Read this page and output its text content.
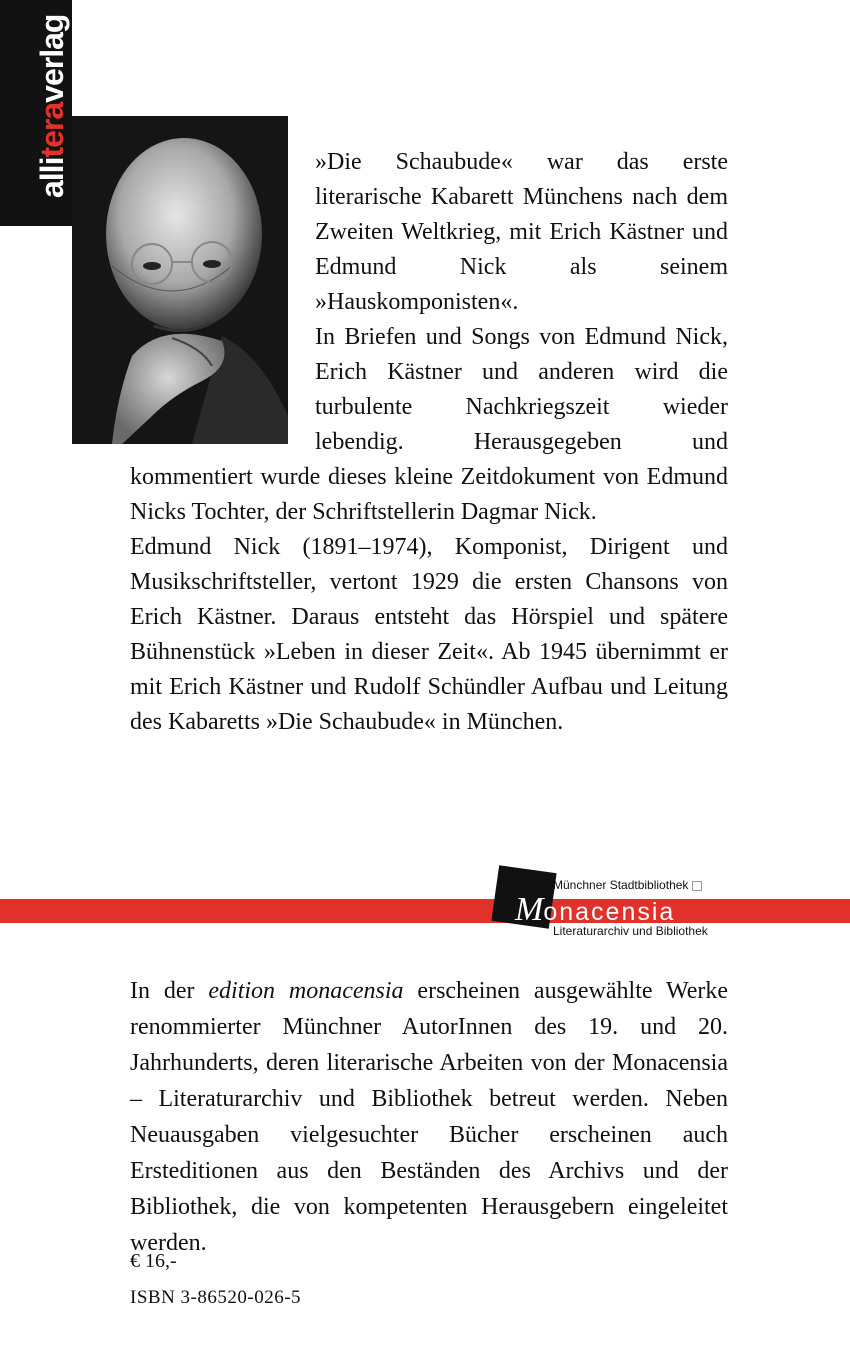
alliteraverlag

»Die Schaubude« war das erste literarische Kabarett Münchens nach dem Zweiten Weltkrieg, mit Erich Kästner und Edmund Nick als seinem »Hauskomponisten«.

In Briefen und Songs von Edmund Nick, Erich Kästner und anderen wird die turbulente Nachkriegszeit wieder lebendig. Herausgegeben und kommentiert wurde dieses kleine Zeitdokument von Edmund Nicks Tochter, der Schriftstellerin Dagmar Nick.

Edmund Nick (1891–1974), Komponist, Dirigent und Musikschriftsteller, vertont 1929 die ersten Chansons von Erich Kästner. Daraus entsteht das Hörspiel und spätere Bühnenstück »Leben in dieser Zeit«. Ab 1945 übernimmt er mit Erich Kästner und Rudolf Schündler Aufbau und Leitung des Kabaretts »Die Schaubude« in München.

Münchner Stadtbibliothek
Monacensia
Literaturarchiv und Bibliothek

In der edition monacensia erscheinen ausgewählte Werke renommierter Münchner AutorInnen des 19. und 20. Jahrhunderts, deren literarische Arbeiten von der Monacensia – Literaturarchiv und Bibliothek betreut werden. Neben Neuausgaben vielgesuchter Bücher erscheinen auch Ersteditionen aus den Beständen des Archivs und der Bibliothek, die von kompetenten Herausgebern eingeleitet werden.

€ 16,-
ISBN 3-86520-026-5
